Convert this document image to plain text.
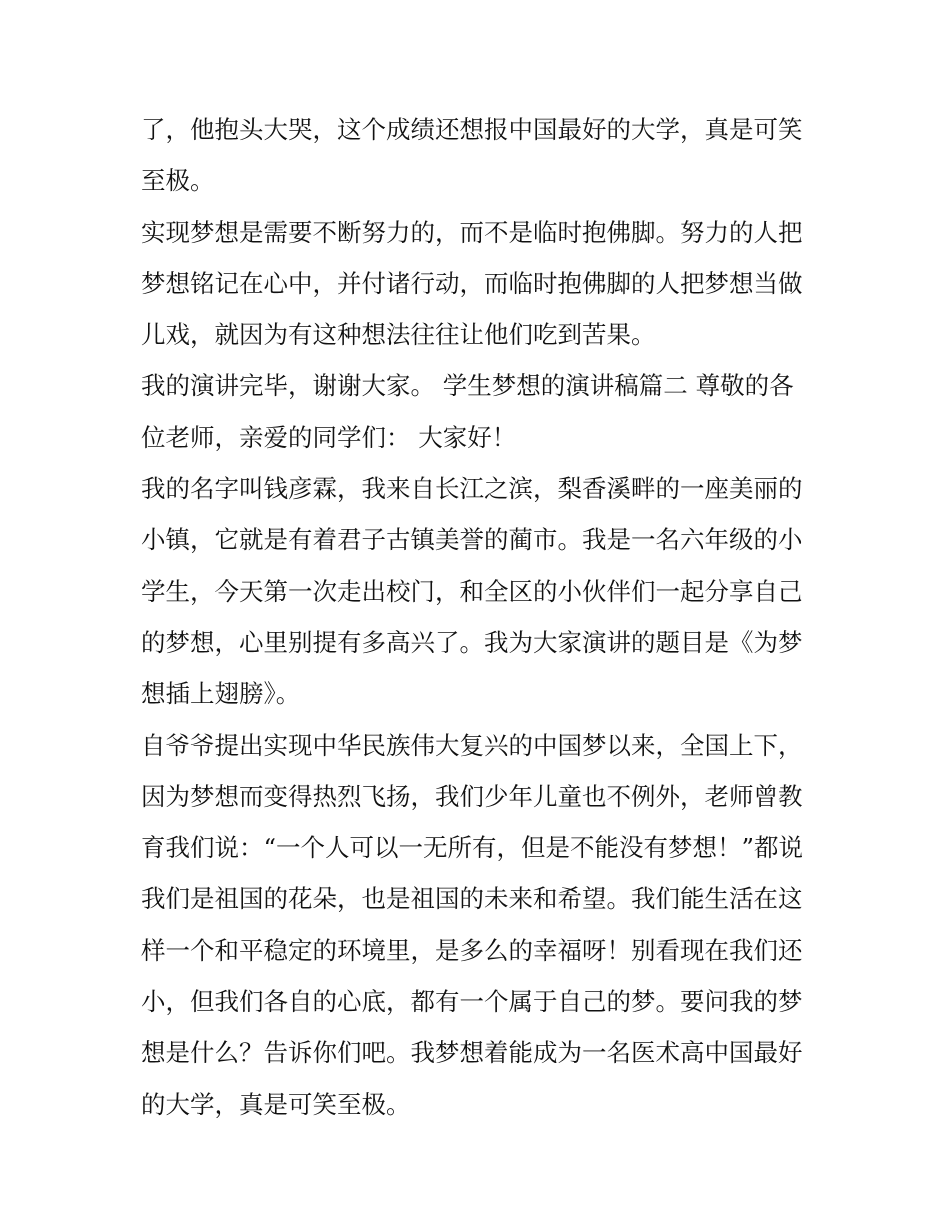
了，他抱头大哭，这个成绩还想报中国最好的大学，真是可笑
至极。
实现梦想是需要不断努力的，而不是临时抱佛脚。努力的人把
梦想铭记在心中，并付诸行动，而临时抱佛脚的人把梦想当做
儿戏，就因为有这种想法往往让他们吃到苦果。
我的演讲完毕，谢谢大家。 学生梦想的演讲稿篇二 尊敬的各
位老师，亲爱的同学们： 大家好！
我的名字叫钱彦霖，我来自长江之滨，梨香溪畔的一座美丽的
小镇，它就是有着君子古镇美誉的蔺市。我是一名六年级的小
学生，今天第一次走出校门，和全区的小伙伴们一起分享自己
的梦想，心里别提有多高兴了。我为大家演讲的题目是《为梦
想插上翅膀》。
自爷爷提出实现中华民族伟大复兴的中国梦以来，全国上下，
因为梦想而变得热烈飞扬，我们少年儿童也不例外，老师曾教
育我们说：“一个人可以一无所有，但是不能没有梦想！”都说
我们是祖国的花朵，也是祖国的未来和希望。我们能生活在这
样一个和平稳定的环境里，是多么的幸福呀！别看现在我们还
小，但我们各自的心底，都有一个属于自己的梦。要问我的梦
想是什么？告诉你们吧。我梦想着能成为一名医术高中国最好
的大学，真是可笑至极。
